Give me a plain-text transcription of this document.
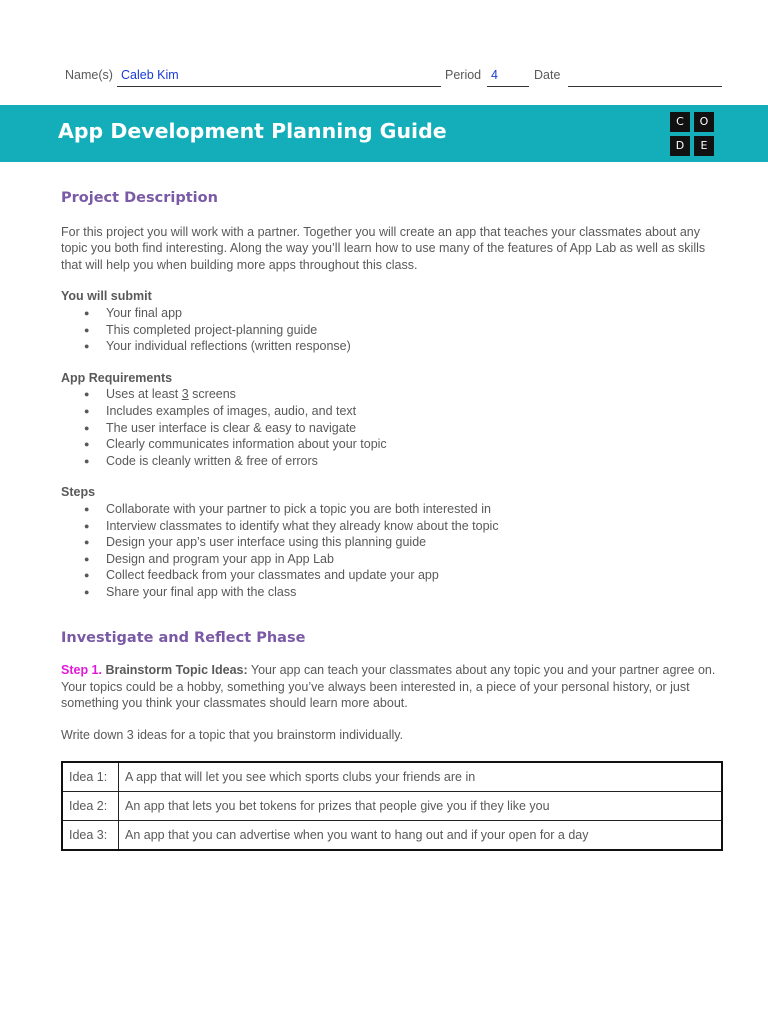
Name(s) Caleb Kim	Period 4	Date
App Development Planning Guide	C	O
D	E
Project Description

For this project you will work with a partner. Together you will create an app that teaches your classmates about any topic you both find interesting. Along the way you’ll learn how to use many of the features of App Lab as well as skills that will help you when building more apps throughout this class.

You will submit

● Your final app
● This completed project-planning guide
● Your individual reflections (written response)

App Requirements

● Uses at least 3 screens
● Includes examples of images, audio, and text
● The user interface is clear & easy to navigate
● Clearly communicates information about your topic
● Code is cleanly written & free of errors

Steps

● Collaborate with your partner to pick a topic you are both interested in
● Interview classmates to identify what they already know about the topic
● Design your app’s user interface using this planning guide
● Design and program your app in App Lab
● Collect feedback from your classmates and update your app
● Share your final app with the class
Investigate and Reflect Phase

Step 1. Brainstorm Topic Ideas: Your app can teach your classmates about any topic you and your partner agree on. Your topics could be a hobby, something you’ve always been interested in, a piece of your personal history, or just something you think your classmates should learn more about.

Write down 3 ideas for a topic that you brainstorm individually.

Idea 1:	A app that will let you see which sports clubs your friends are in
Idea 2:	An app that lets you bet tokens for prizes that people give you if they like you
Idea 3:	An app that you can advertise when you want to hang out and if your open for a day
